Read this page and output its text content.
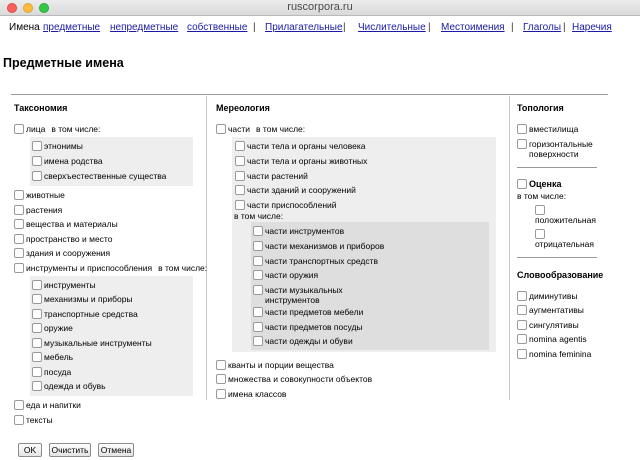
ruscorpora.ru
Имена предметные непредметные собственные | Прилагательные | Числительные | Местоимения | Глаголы | Наречия
Предметные имена
Таксономия
лица в том числе:
этнонимы
имена родства
сверхъестественные существа
животные
растения
вещества и материалы
пространство и место
здания и сооружения
инструменты и приспособления в том числе:
инструменты
механизмы и приборы
транспортные средства
оружие
музыкальные инструменты
мебель
посуда
одежда и обувь
еда и напитки
тексты
Мереология
части в том числе:
части тела и органы человека
части тела и органы животных
части растений
части зданий и сооружений
части приспособлений
в том числе:
части инструментов
части механизмов и приборов
части транспортных средств
части оружия
части музыкальных инструментов
части предметов мебели
части предметов посуды
части одежды и обуви
кванты и порции вещества
множества и совокупности объектов
имена классов
Топология
вместилища
горизонтальные поверхности
Оценка
в том числе:
положительная
отрицательная
Словообразование
диминутивы
аугментативы
сингулятивы
nomina agentis
nomina feminina
OK	Очистить	Отмена
